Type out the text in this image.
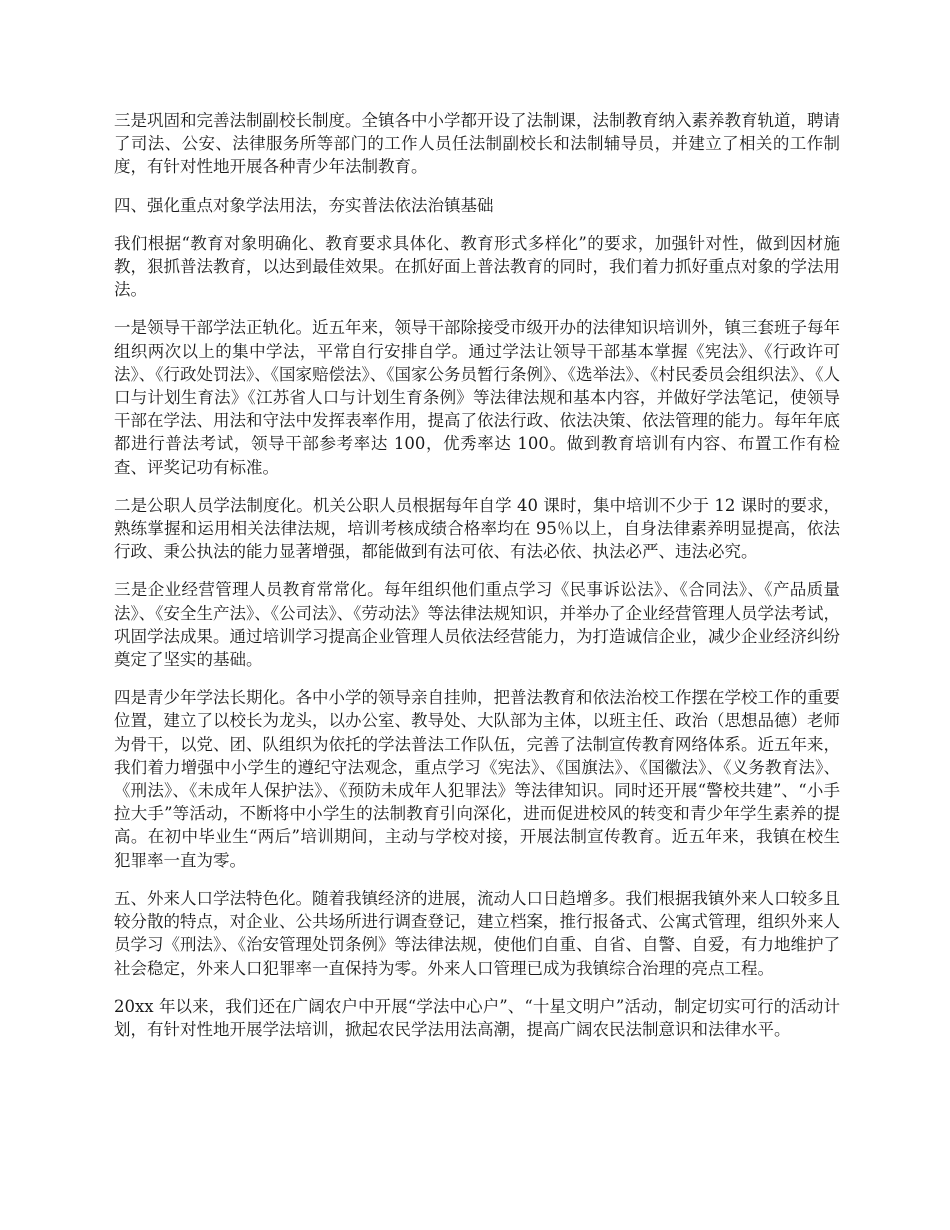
三是巩固和完善法制副校长制度。全镇各中小学都开设了法制课，法制教育纳入素养教育轨道，聘请了司法、公安、法律服务所等部门的工作人员任法制副校长和法制辅导员，并建立了相关的工作制度，有针对性地开展各种青少年法制教育。

四、强化重点对象学法用法，夯实普法依法治镇基础

我们根据“教育对象明确化、教育要求具体化、教育形式多样化”的要求，加强针对性，做到因材施教，狠抓普法教育，以达到最佳效果。在抓好面上普法教育的同时，我们着力抓好重点对象的学法用法。

一是领导干部学法正轨化。近五年来，领导干部除接受市级开办的法律知识培训外，镇三套班子每年组织两次以上的集中学法，平常自行安排自学。通过学法让领导干部基本掌握《宪法》、《行政许可法》、《行政处罚法》、《国家赔偿法》、《国家公务员暂行条例》、《选举法》、《村民委员会组织法》、《人口与计划生育法》《江苏省人口与计划生育条例》等法律法规和基本内容，并做好学法笔记，使领导干部在学法、用法和守法中发挥表率作用，提高了依法行政、依法决策、依法管理的能力。每年年底都进行普法考试，领导干部参考率达 100，优秀率达 100。做到教育培训有内容、布置工作有检查、评奖记功有标准。

二是公职人员学法制度化。机关公职人员根据每年自学 40 课时，集中培训不少于 12 课时的要求，熟练掌握和运用相关法律法规，培训考核成绩合格率均在 95％以上，自身法律素养明显提高，依法行政、秉公执法的能力显著增强，都能做到有法可依、有法必依、执法必严、违法必究。

三是企业经营管理人员教育常常化。每年组织他们重点学习《民事诉讼法》、《合同法》、《产品质量法》、《安全生产法》、《公司法》、《劳动法》等法律法规知识，并举办了企业经营管理人员学法考试，巩固学法成果。通过培训学习提高企业管理人员依法经营能力，为打造诚信企业，减少企业经济纠纷奠定了坚实的基础。

四是青少年学法长期化。各中小学的领导亲自挂帅，把普法教育和依法治校工作摆在学校工作的重要位置，建立了以校长为龙头，以办公室、教导处、大队部为主体，以班主任、政治（思想品德）老师为骨干，以党、团、队组织为依托的学法普法工作队伍，完善了法制宣传教育网络体系。近五年来，我们着力增强中小学生的遵纪守法观念，重点学习《宪法》、《国旗法》、《国徽法》、《义务教育法》、《刑法》、《未成年人保护法》、《预防未成年人犯罪法》等法律知识。同时还开展“警校共建”、“小手拉大手”等活动，不断将中小学生的法制教育引向深化，进而促进校风的转变和青少年学生素养的提高。在初中毕业生“两后”培训期间，主动与学校对接，开展法制宣传教育。近五年来，我镇在校生犯罪率一直为零。

五、外来人口学法特色化。随着我镇经济的进展，流动人口日趋增多。我们根据我镇外来人口较多且较分散的特点，对企业、公共场所进行调查登记，建立档案，推行报备式、公寓式管理，组织外来人员学习《刑法》、《治安管理处罚条例》等法律法规，使他们自重、自省、自警、自爱，有力地维护了社会稳定，外来人口犯罪率一直保持为零。外来人口管理已成为我镇综合治理的亮点工程。

20xx 年以来，我们还在广阔农户中开展“学法中心户”、“十星文明户”活动，制定切实可行的活动计划，有针对性地开展学法培训，掀起农民学法用法高潮，提高广阔农民法制意识和法律水平。
